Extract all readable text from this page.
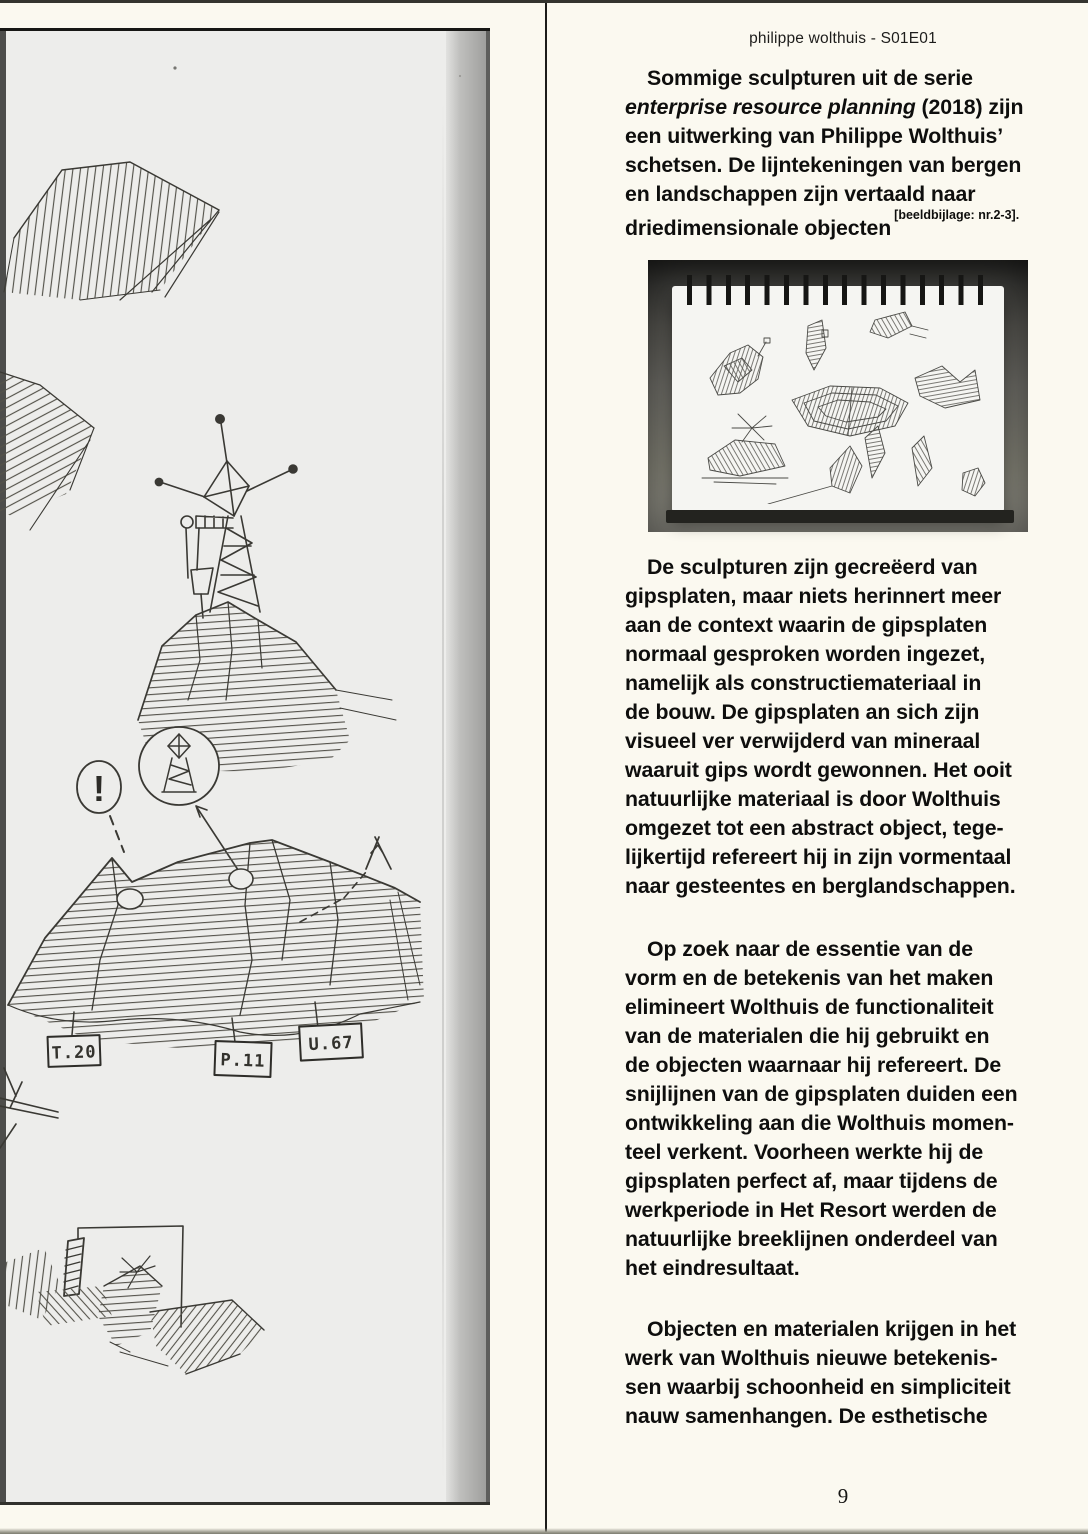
!
T.20	P.11
U.67
philippe wolthuis - S01E01
Sommige sculpturen uit de serie
enterprise resource planning (2018) zijn
een uitwerking van Philippe Wolthuis’
schetsen. De lijntekeningen van bergen
en landschappen zijn vertaald naar
driedimensionale objecten$^{[beeldbijlage: nr.2-3].}$
De sculpturen zijn gecreëerd van
gipsplaten, maar niets herinnert meer
aan de context waarin de gipsplaten
normaal gesproken worden ingezet,
namelijk als constructiemateriaal in
de bouw. De gipsplaten an sich zijn
visueel ver verwijderd van mineraal
waaruit gips wordt gewonnen. Het ooit
natuurlijke materiaal is door Wolthuis
omgezet tot een abstract object, tege-
lijkertijd refereert hij in zijn vormentaal
naar gesteentes en berglandschappen.
Op zoek naar de essentie van de
vorm en de betekenis van het maken
elimineert Wolthuis de functionaliteit
van de materialen die hij gebruikt en
de objecten waarnaar hij refereert. De
snijlijnen van de gipsplaten duiden een
ontwikkeling aan die Wolthuis momen-
teel verkent. Voorheen werkte hij de
gipsplaten perfect af, maar tijdens de
werkperiode in Het Resort werden de
natuurlijke breeklijnen onderdeel van
het eindresultaat.
Objecten en materialen krijgen in het
werk van Wolthuis nieuwe betekenis-
sen waarbij schoonheid en simpliciteit
nauw samenhangen. De esthetische
9
